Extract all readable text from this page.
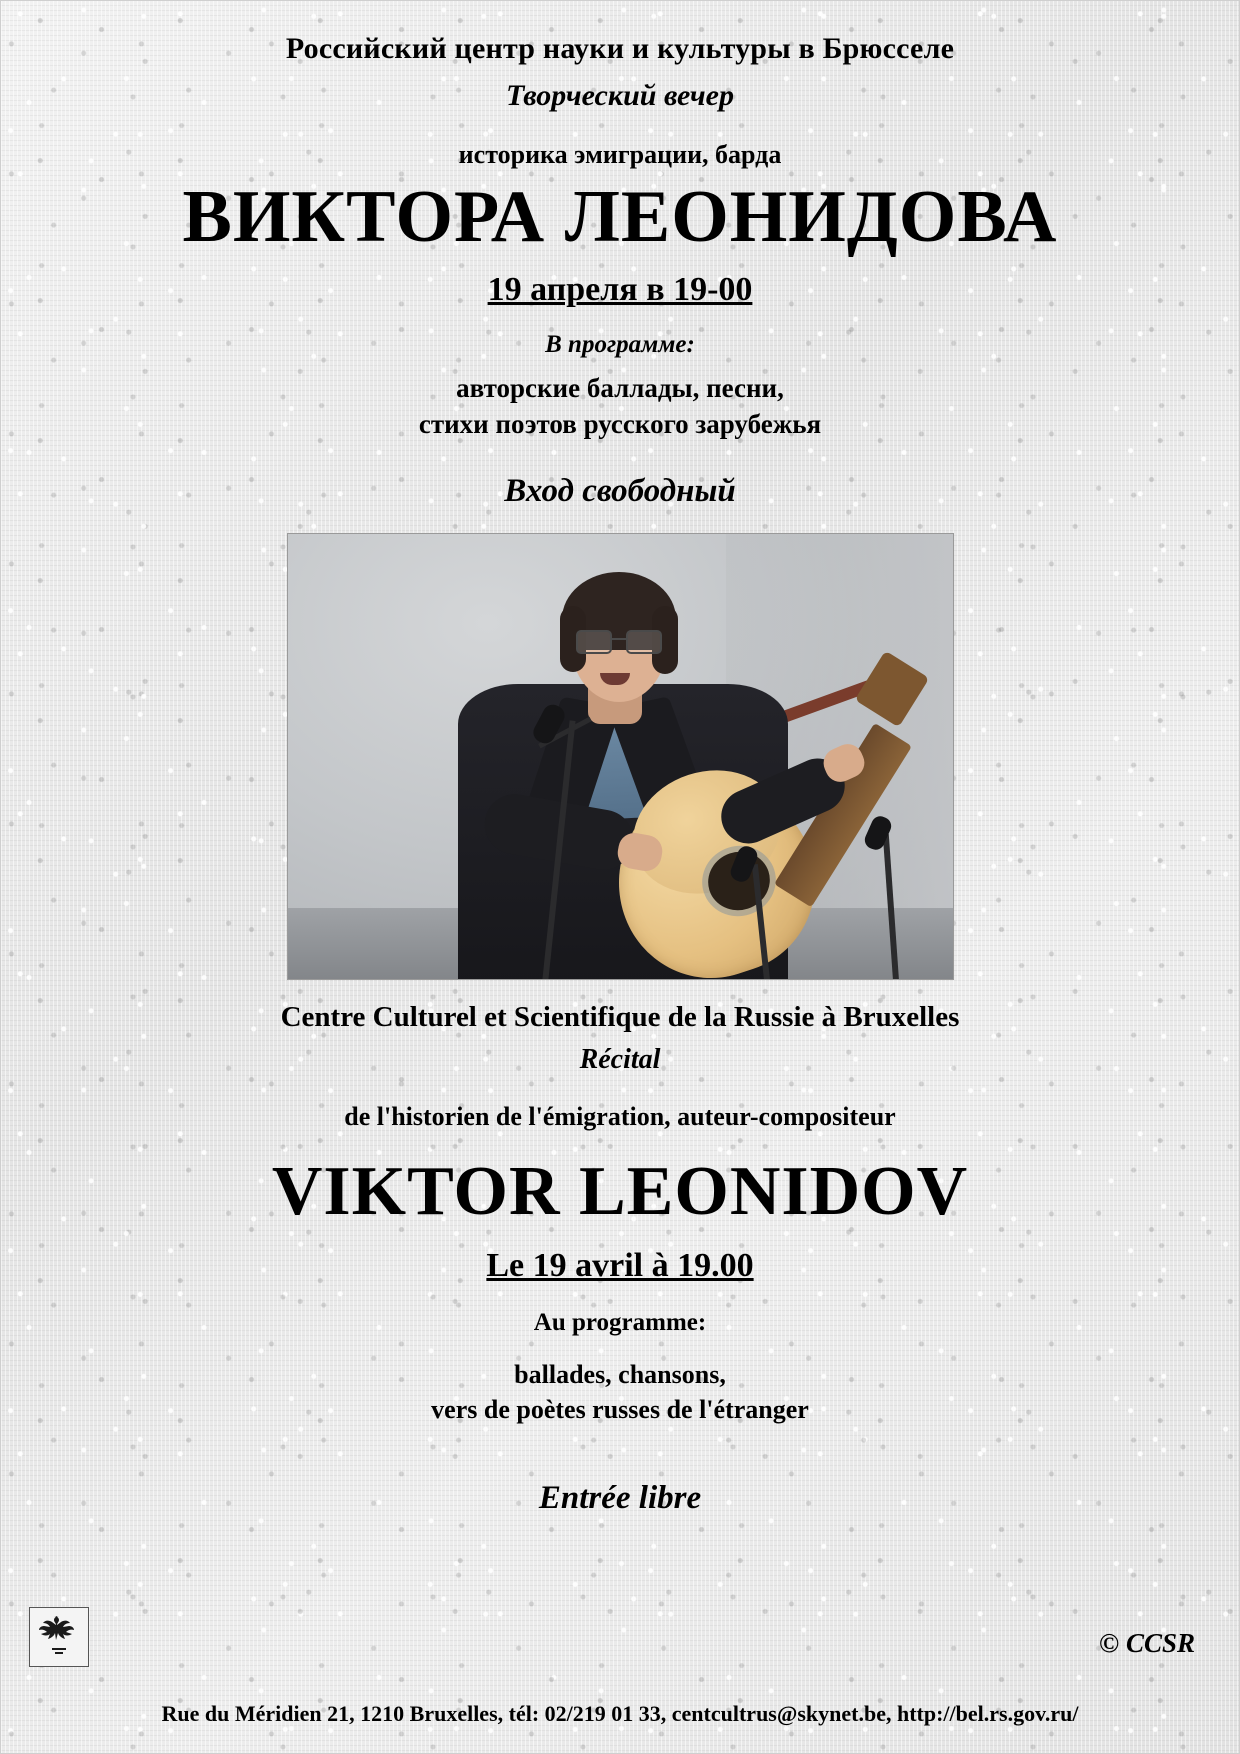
Российский центр науки и культуры в Брюсселе
Творческий вечер
историка эмиграции, барда
ВИКТОРА ЛЕОНИДОВА
19 апреля в 19-00
В программе:
авторские баллады, песни,
стихи поэтов русского зарубежья
Вход свободный
Centre Culturel et Scientifique de la Russie à Bruxelles
Récital
de l'historien de l'émigration, auteur-compositeur
VIKTOR LEONIDOV
Le 19 avril à 19.00
Au programme:
ballades, chansons,
vers de poètes russes de l'étranger
Entrée libre
© CCSR
Rue du Méridien 21, 1210 Bruxelles, tél: 02/219 01 33, centcultrus@skynet.be, http://bel.rs.gov.ru/
